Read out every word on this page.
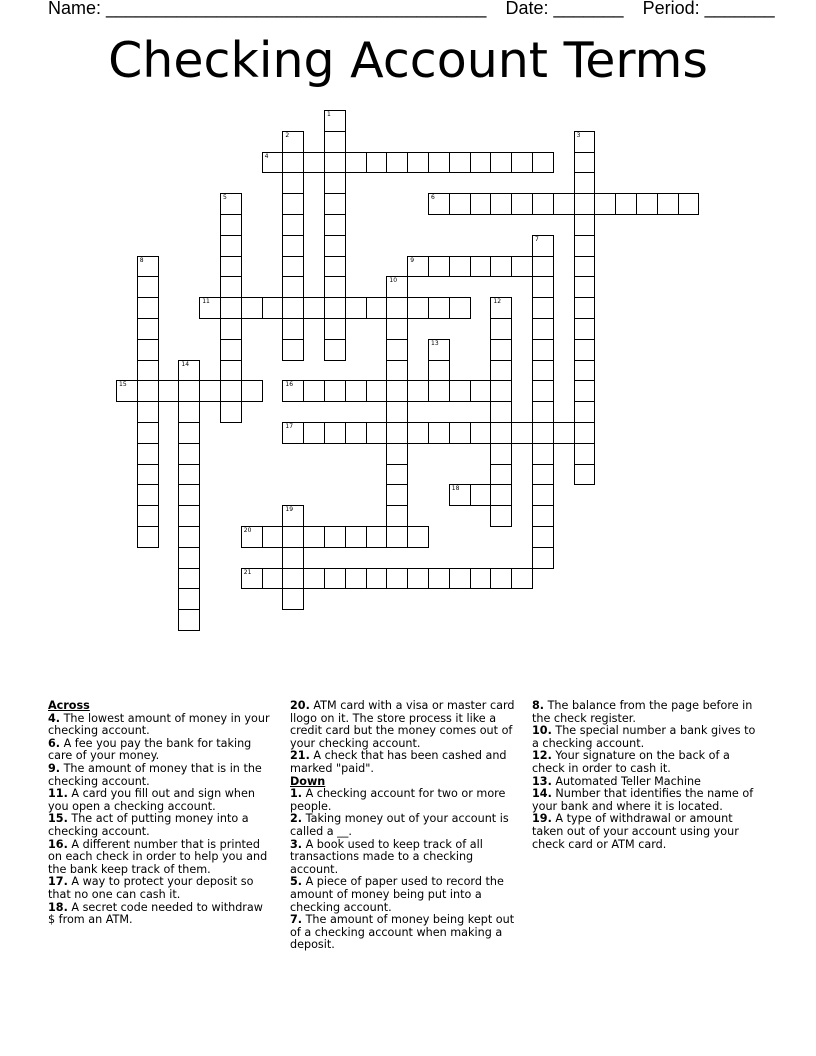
Name: ______________________________________ Date: _______ Period: _______
Checking Account Terms
4
6
9
11
15	16
17
18
20
21
1
2	3
5
7
8
10
12
13
14
19
Across
4. The lowest amount of money in your checking account.
6. A fee you pay the bank for taking care of your money.
9. The amount of money that is in the checking account.
11. A card you fill out and sign when you open a checking account.
15. The act of putting money into a checking account.
16. A different number that is printed on each check in order to help you and the bank keep track of them.
17. A way to protect your deposit so that no one can cash it.
18. A secret code needed to withdraw $ from an ATM.
20. ATM card with a visa or master card llogo on it. The store process it like a credit card but the money comes out of your checking account.
21. A check that has been cashed and marked "paid".
Down
1. A checking account for two or more people.
2. Taking money out of your account is called a __.
3. A book used to keep track of all transactions made to a checking account.
5. A piece of paper used to record the amount of money being put into a checking account.
7. The amount of money being kept out of a checking account when making a deposit.
8. The balance from the page before in the check register.
10. The special number a bank gives to a checking account.
12. Your signature on the back of a check in order to cash it.
13. Automated Teller Machine
14. Number that identifies the name of your bank and where it is located.
19. A type of withdrawal or amount taken out of your account using your check card or ATM card.
